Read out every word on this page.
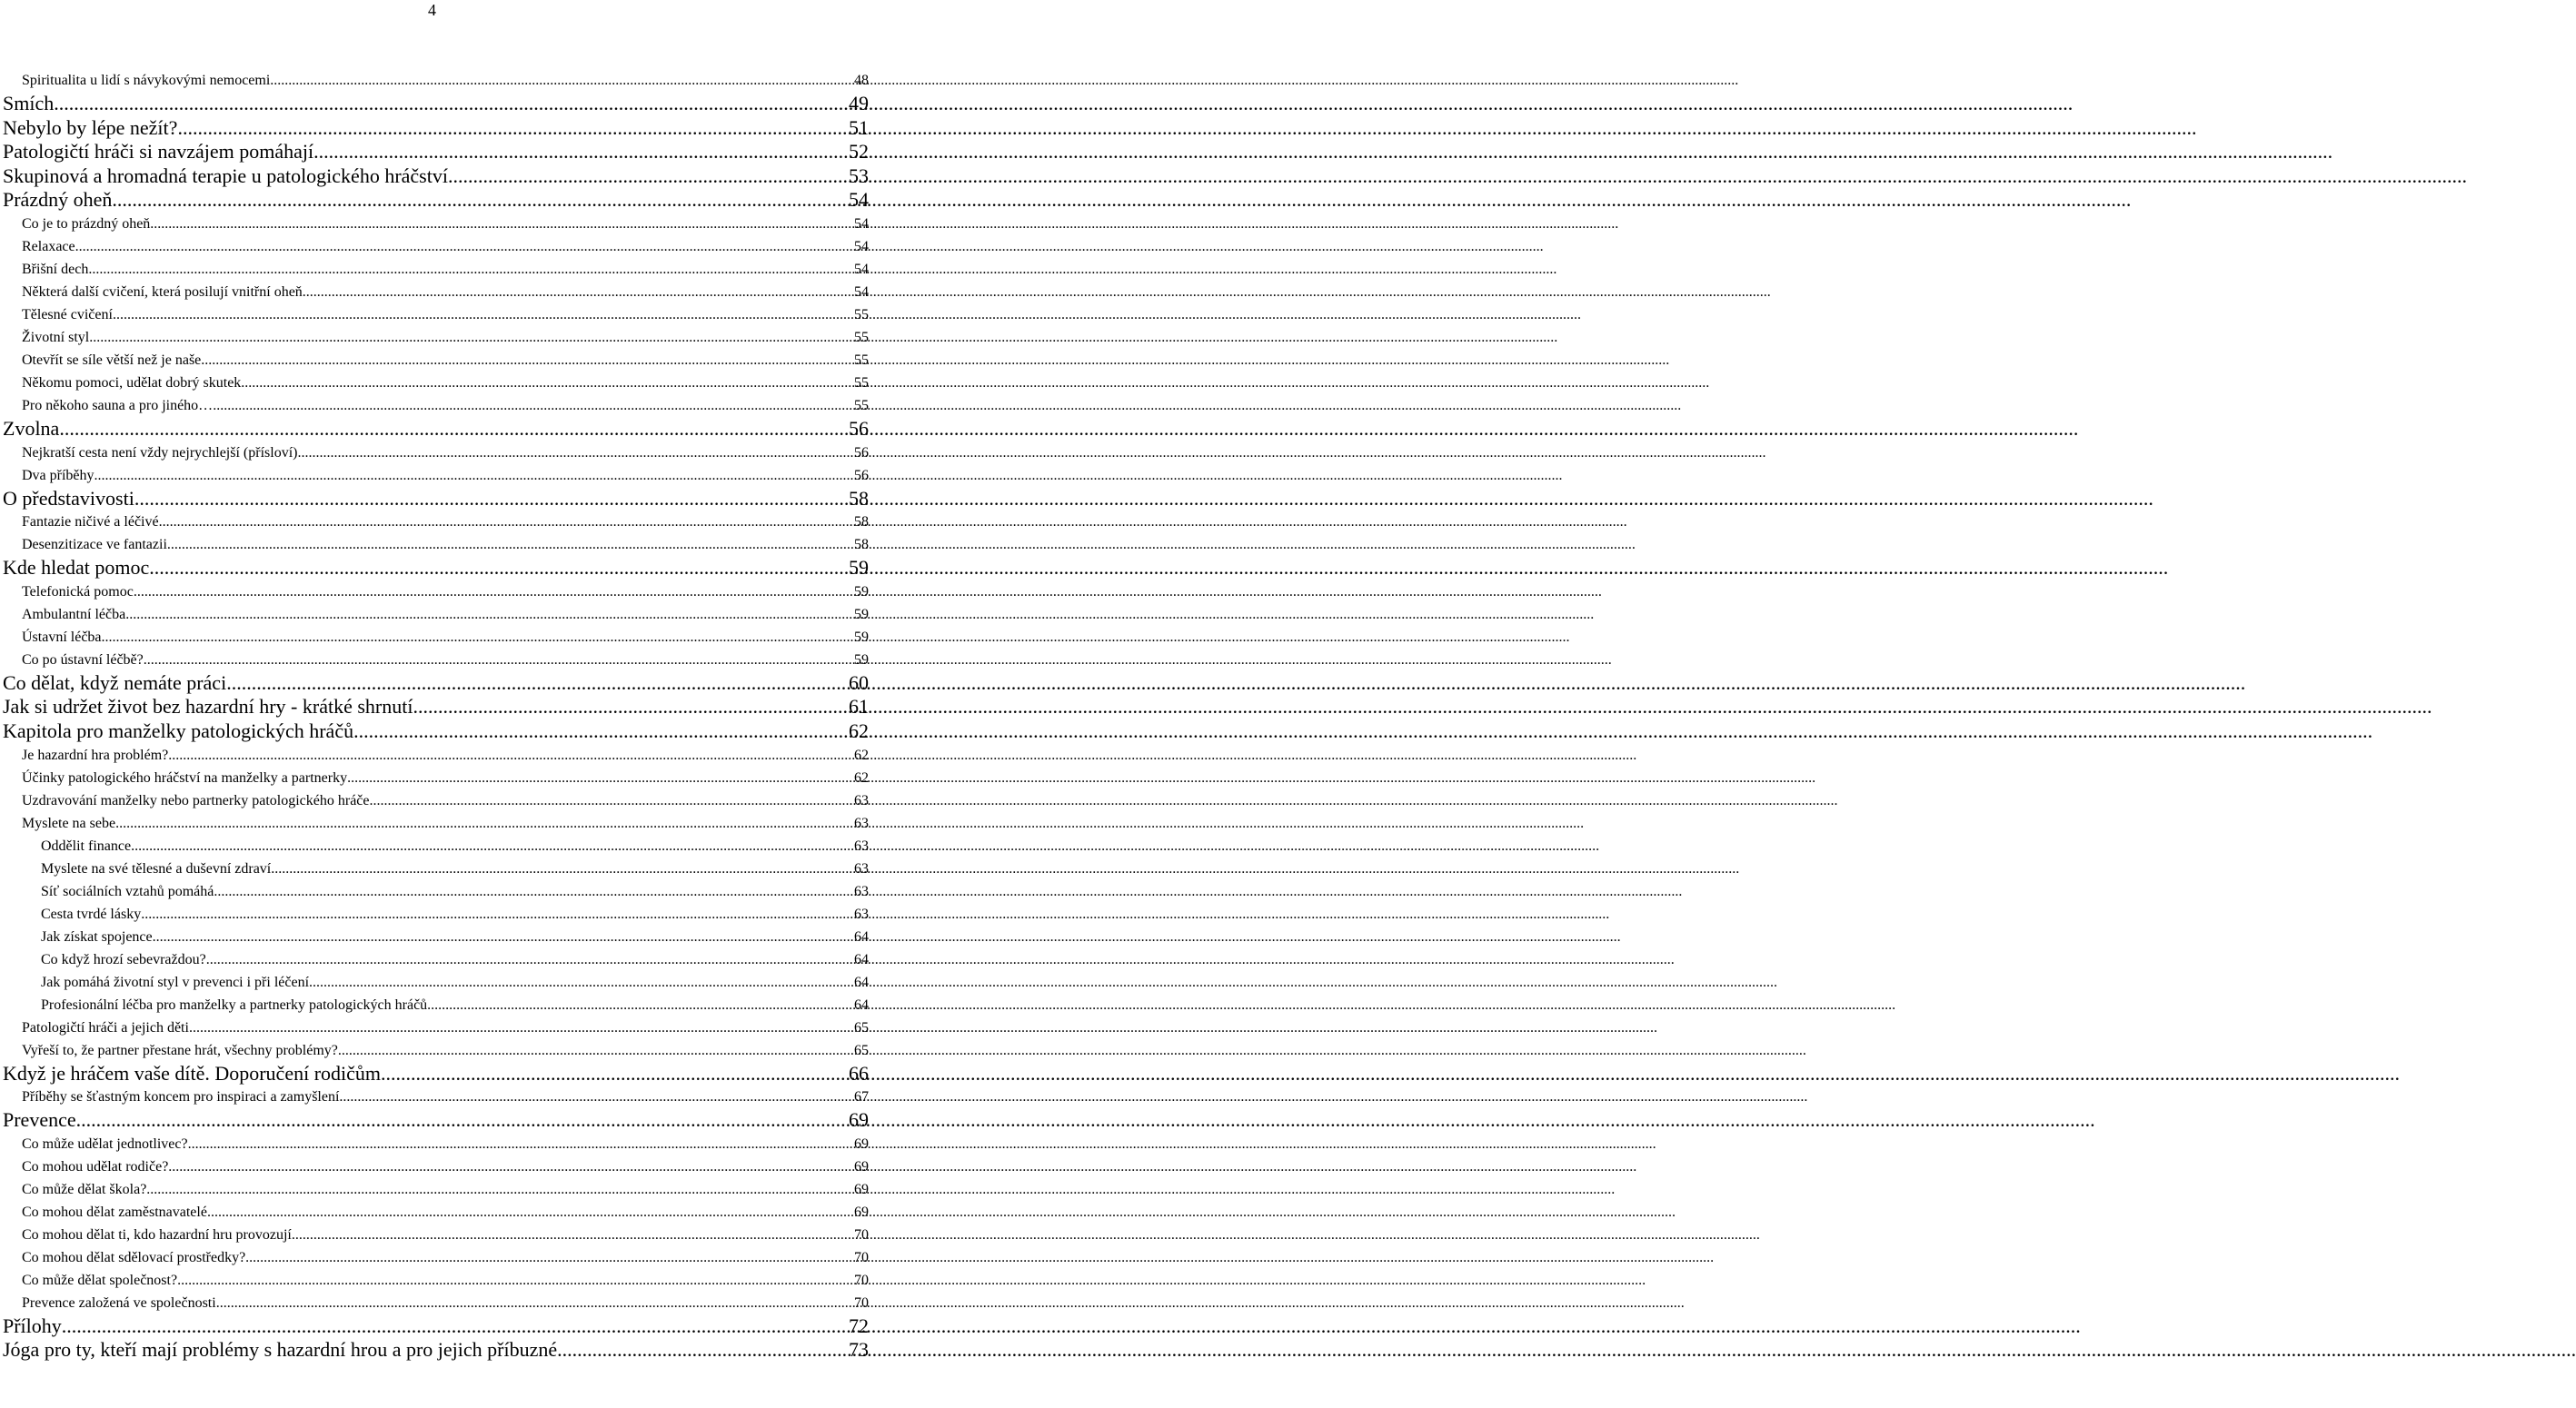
4
Spiritualita u lidí s návykovými nemocemi .....	48
Smích .....	49
Nebylo by lépe nežít? .....	51
Patologičtí hráči si navzájem pomáhají .....	52
Skupinová a hromadná terapie u patologického hráčství .....	53
Prázdný oheň .....	54
Co je to prázdný oheň .....	54
Relaxace .....	54
Břišní dech .....	54
Některá další cvičení, která posilují vnitřní oheň .....	54
Tělesné cvičení .....	55
Životní styl .....	55
Otevřít se síle větší než je naše .....	55
Někomu pomoci, udělat dobrý skutek .....	55
Pro někoho sauna a pro jiného… .....	55
Zvolna .....	56
Nejkratší cesta není vždy nejrychlejší (přísloví) .....	56
Dva příběhy .....	56
O představivosti .....	58
Fantazie ničivé a léčivé .....	58
Desenzitizace ve fantazii .....	58
Kde hledat pomoc .....	59
Telefonická pomoc .....	59
Ambulantní léčba .....	59
Ústavní léčba .....	59
Co po ústavní léčbě? .....	59
Co dělat, když nemáte práci .....	60
Jak si udržet život bez hazardní hry - krátké shrnutí .....	61
Kapitola pro manželky patologických hráčů .....	62
Je hazardní hra problém? .....	62
Účinky patologického hráčství na manželky a partnerky .....	62
Uzdravování manželky nebo partnerky patologického hráče .....	63
Myslete na sebe .....	63
Oddělit finance .....	63
Myslete na své tělesné a duševní zdraví .....	63
Síť sociálních vztahů pomáhá .....	63
Cesta tvrdé lásky .....	63
Jak získat spojence .....	64
Co když hrozí sebevraždou? .....	64
Jak pomáhá životní styl v prevenci i při léčení .....	64
Profesionální léčba pro manželky a partnerky patologických hráčů .....	64
Patologičtí hráči a jejich děti .....	65
Vyřeší to, že partner přestane hrát, všechny problémy? .....	65
Když je hráčem vaše dítě. Doporučení rodičům .....	66
Příběhy se šťastným koncem pro inspiraci a zamyšlení .....	67
Prevence .....	69
Co může udělat jednotlivec? .....	69
Co mohou udělat rodiče? .....	69
Co může dělat škola? .....	69
Co mohou dělat zaměstnavatelé .....	69
Co mohou dělat ti, kdo hazardní hru provozují .....	70
Co mohou dělat sdělovací prostředky? .....	70
Co může dělat společnost? .....	70
Prevence založená ve společnosti .....	70
Přílohy .....	72
Jóga pro ty, kteří mají problémy s hazardní hrou a pro jejich příbuzné .....	73
